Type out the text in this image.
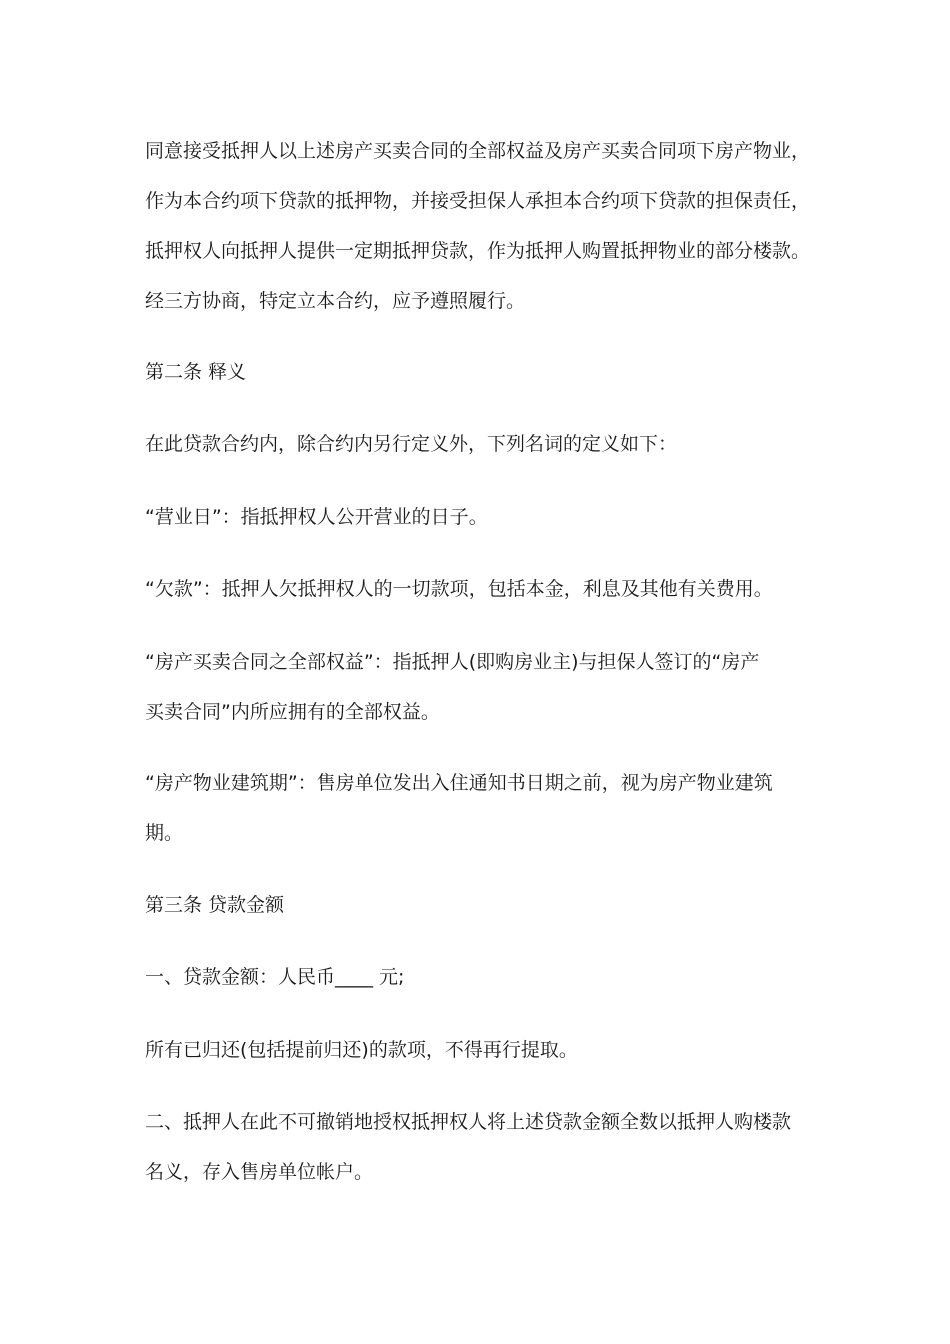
同意接受抵押人以上述房产买卖合同的全部权益及房产买卖合同项下房产物业，

作为本合约项下贷款的抵押物，并接受担保人承担本合约项下贷款的担保责任，

抵押权人向抵押人提供一定期抵押贷款，作为抵押人购置抵押物业的部分楼款。

经三方协商，特定立本合约，应予遵照履行。

第二条 释义

在此贷款合约内，除合约内另行定义外，下列名词的定义如下：

“营业日”：指抵押权人公开营业的日子。

“欠款”：抵押人欠抵押权人的一切款项，包括本金，利息及其他有关费用。

“房产买卖合同之全部权益”：指抵押人(即购房业主)与担保人签订的“房产

买卖合同”内所应拥有的全部权益。

“房产物业建筑期”：售房单位发出入住通知书日期之前，视为房产物业建筑

期。

第三条 贷款金额

一、贷款金额：人民币____ 元;

所有已归还(包括提前归还)的款项，不得再行提取。

二、抵押人在此不可撤销地授权抵押权人将上述贷款金额全数以抵押人购楼款

名义，存入售房单位帐户。
